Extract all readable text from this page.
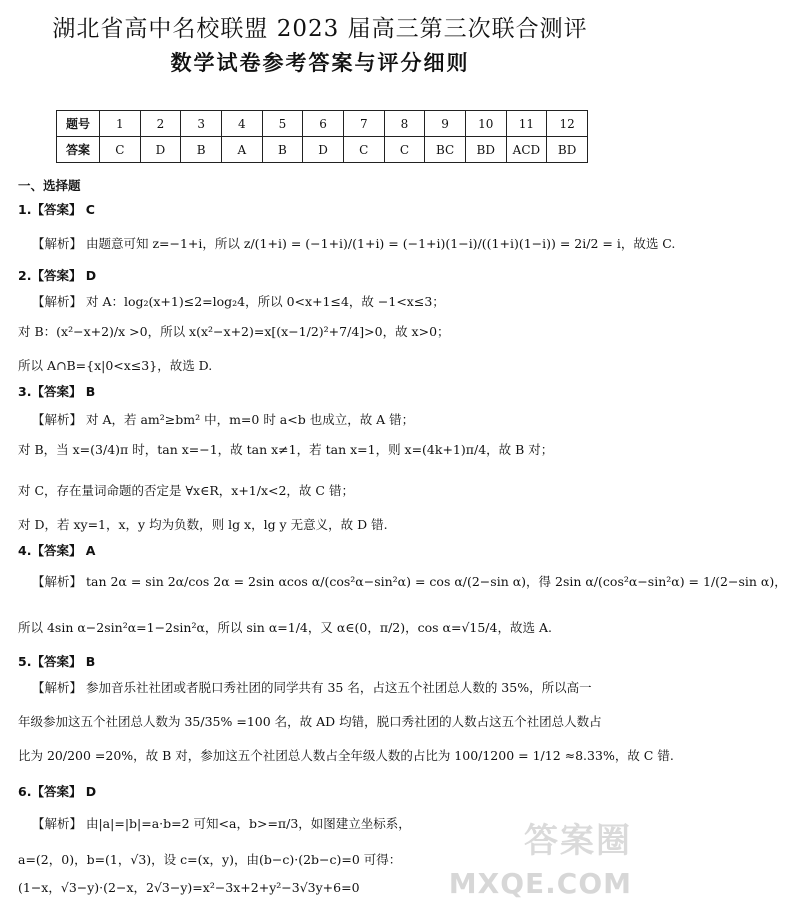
湖北省高中名校联盟 2023 届高三第三次联合测评
数学试卷参考答案与评分细则
题号	1	2	3	4	5	6	7	8	9	10	11	12
答案	C	D	B	A	B	D	C	C	BC	BD	ACD	BD
一、选择题
1.【答案】 C
【解析】 由题意可知 z=−1+i，所以 z/(1+i) = (−1+i)/(1+i) = (−1+i)(1−i)/((1+i)(1−i)) = 2i/2 = i，故选 C.
2.【答案】 D
【解析】 对 A：log₂(x+1)≤2=log₂4，所以 0<x+1≤4，故 −1<x≤3；
对 B：(x²−x+2)/x >0，所以 x(x²−x+2)=x[(x−1/2)²+7/4]>0，故 x>0；
所以 A∩B={x|0<x≤3}，故选 D.
3.【答案】 B
【解析】 对 A，若 am²≥bm² 中，m=0 时 a<b 也成立，故 A 错；
对 B，当 x=(3/4)π 时，tan x=−1，故 tan x≠1，若 tan x=1，则 x=(4k+1)π/4，故 B 对；
对 C，存在量词命题的否定是 ∀x∈R，x+1/x<2，故 C 错；
对 D，若 xy=1，x，y 均为负数，则 lg x，lg y 无意义，故 D 错.
4.【答案】 A
【解析】 tan 2α = sin 2α/cos 2α = 2sin αcos α/(cos²α−sin²α) = cos α/(2−sin α)，得 2sin α/(cos²α−sin²α) = 1/(2−sin α)，
所以 4sin α−2sin²α=1−2sin²α，所以 sin α=1/4，又 α∈(0，π/2)，cos α=√15/4，故选 A.
5.【答案】 B
【解析】 参加音乐社社团或者脱口秀社团的同学共有 35 名，占这五个社团总人数的 35%，所以高一
年级参加这五个社团总人数为 35/35% =100 名，故 AD 均错，脱口秀社团的人数占这五个社团总人数占
比为 20/200 =20%，故 B 对，参加这五个社团总人数占全年级人数的占比为 100/1200 = 1/12 ≈8.33%，故 C 错.
6.【答案】 D
【解析】 由|a|=|b|=a·b=2 可知<a，b>=π/3，如图建立坐标系，
a=(2，0)，b=(1，√3)，设 c=(x，y)，由(b−c)·(2b−c)=0 可得：
(1−x，√3−y)·(2−x，2√3−y)=x²−3x+2+y²−3√3y+6=0
答案圈
MXQE.COM
